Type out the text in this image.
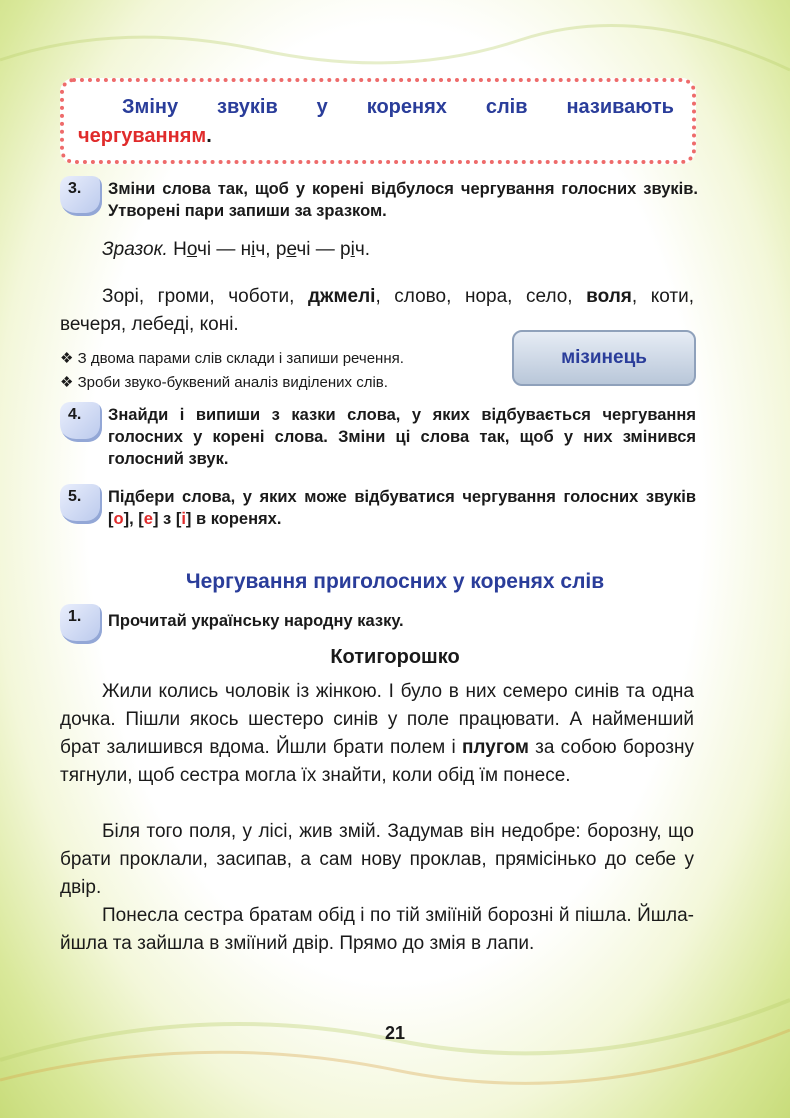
Зміну звуків у коренях слів називають
чергуванням.
3. Зміни слова так, щоб у корені відбулося чергування голосних звуків. Утворені пари запиши за зразком.
Зразок. Ночі — ніч, речі — річ.
Зорі, громи, чоботи, джмелі, слово, нора, село, воля, коти, вечеря, лебеді, коні.
❖ З двома парами слів склади і запиши речення.
❖ Зроби звуко-буквений аналіз виділених слів.
мізинець
4. Знайди і випиши з казки слова, у яких відбувається чергування голосних у корені слова. Зміни ці слова так, щоб у них змінився голосний звук.
5. Підбери слова, у яких може відбуватися чергування голосних звуків [о], [е] з [і] в коренях.
Чергування приголосних у коренях слів
1. Прочитай українську народну казку.
Котигорошко
Жили колись чоловік із жінкою. І було в них семеро синів та одна дочка. Пішли якось шестеро синів у поле працювати. А найменший брат залишився вдома. Йшли брати полем і плугом за собою борозну тягнули, щоб сестра могла їх знайти, коли обід їм понесе.
Біля того поля, у лісі, жив змій. Задумав він недобре: борозну, що брати проклали, засипав, а сам нову проклав, прямісінько до себе у двір.
Понесла сестра братам обід і по тій зміїній борозні й пішла. Йшла-йшла та зайшла в зміїний двір. Прямо до змія в лапи.
21
